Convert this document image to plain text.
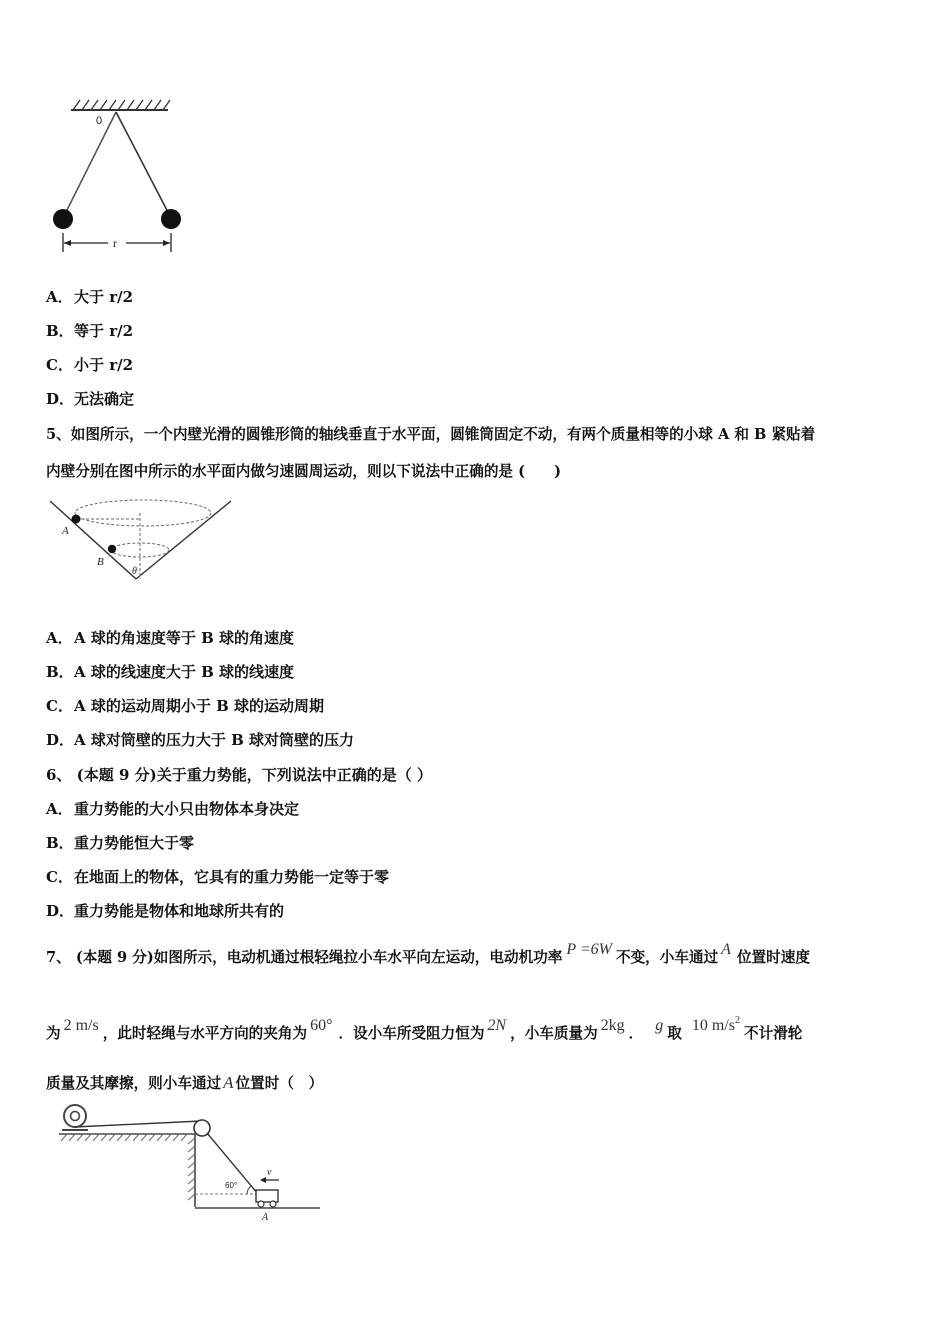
0
r
A．大于 r/2
B．等于 r/2
C．小于 r/2
D．无法确定
5、如图所示，一个内壁光滑的圆锥形筒的轴线垂直于水平面，圆锥筒固定不动，有两个质量相等的小球 A 和 B 紧贴着
内壁分别在图中所示的水平面内做匀速圆周运动，则以下说法中正确的是 (　　)
A
B
θ
A．A 球的角速度等于 B 球的角速度
B．A 球的线速度大于 B 球的线速度
C．A 球的运动周期小于 B 球的运动周期
D．A 球对筒壁的压力大于 B 球对筒壁的压力
6、 (本题 9 分)关于重力势能，下列说法中正确的是（ ）
A．重力势能的大小只由物体本身决定
B．重力势能恒大于零
C．在地面上的物体，它具有的重力势能一定等于零
D．重力势能是物体和地球所共有的
7、 (本题 9 分)如图所示，电动机通过根轻绳拉小车水平向左运动，电动机功率 P =6W 不变，小车通过 A 位置时速度
为 2 m/s ，此时轻绳与水平方向的夹角为 60° ．设小车所受阻力恒为 2N ，小车质量为 2kg ． g 取 10 $m/s^2$不计滑轮
质量及其摩擦，则小车通过 A 位置时（　）
60°
v
A
